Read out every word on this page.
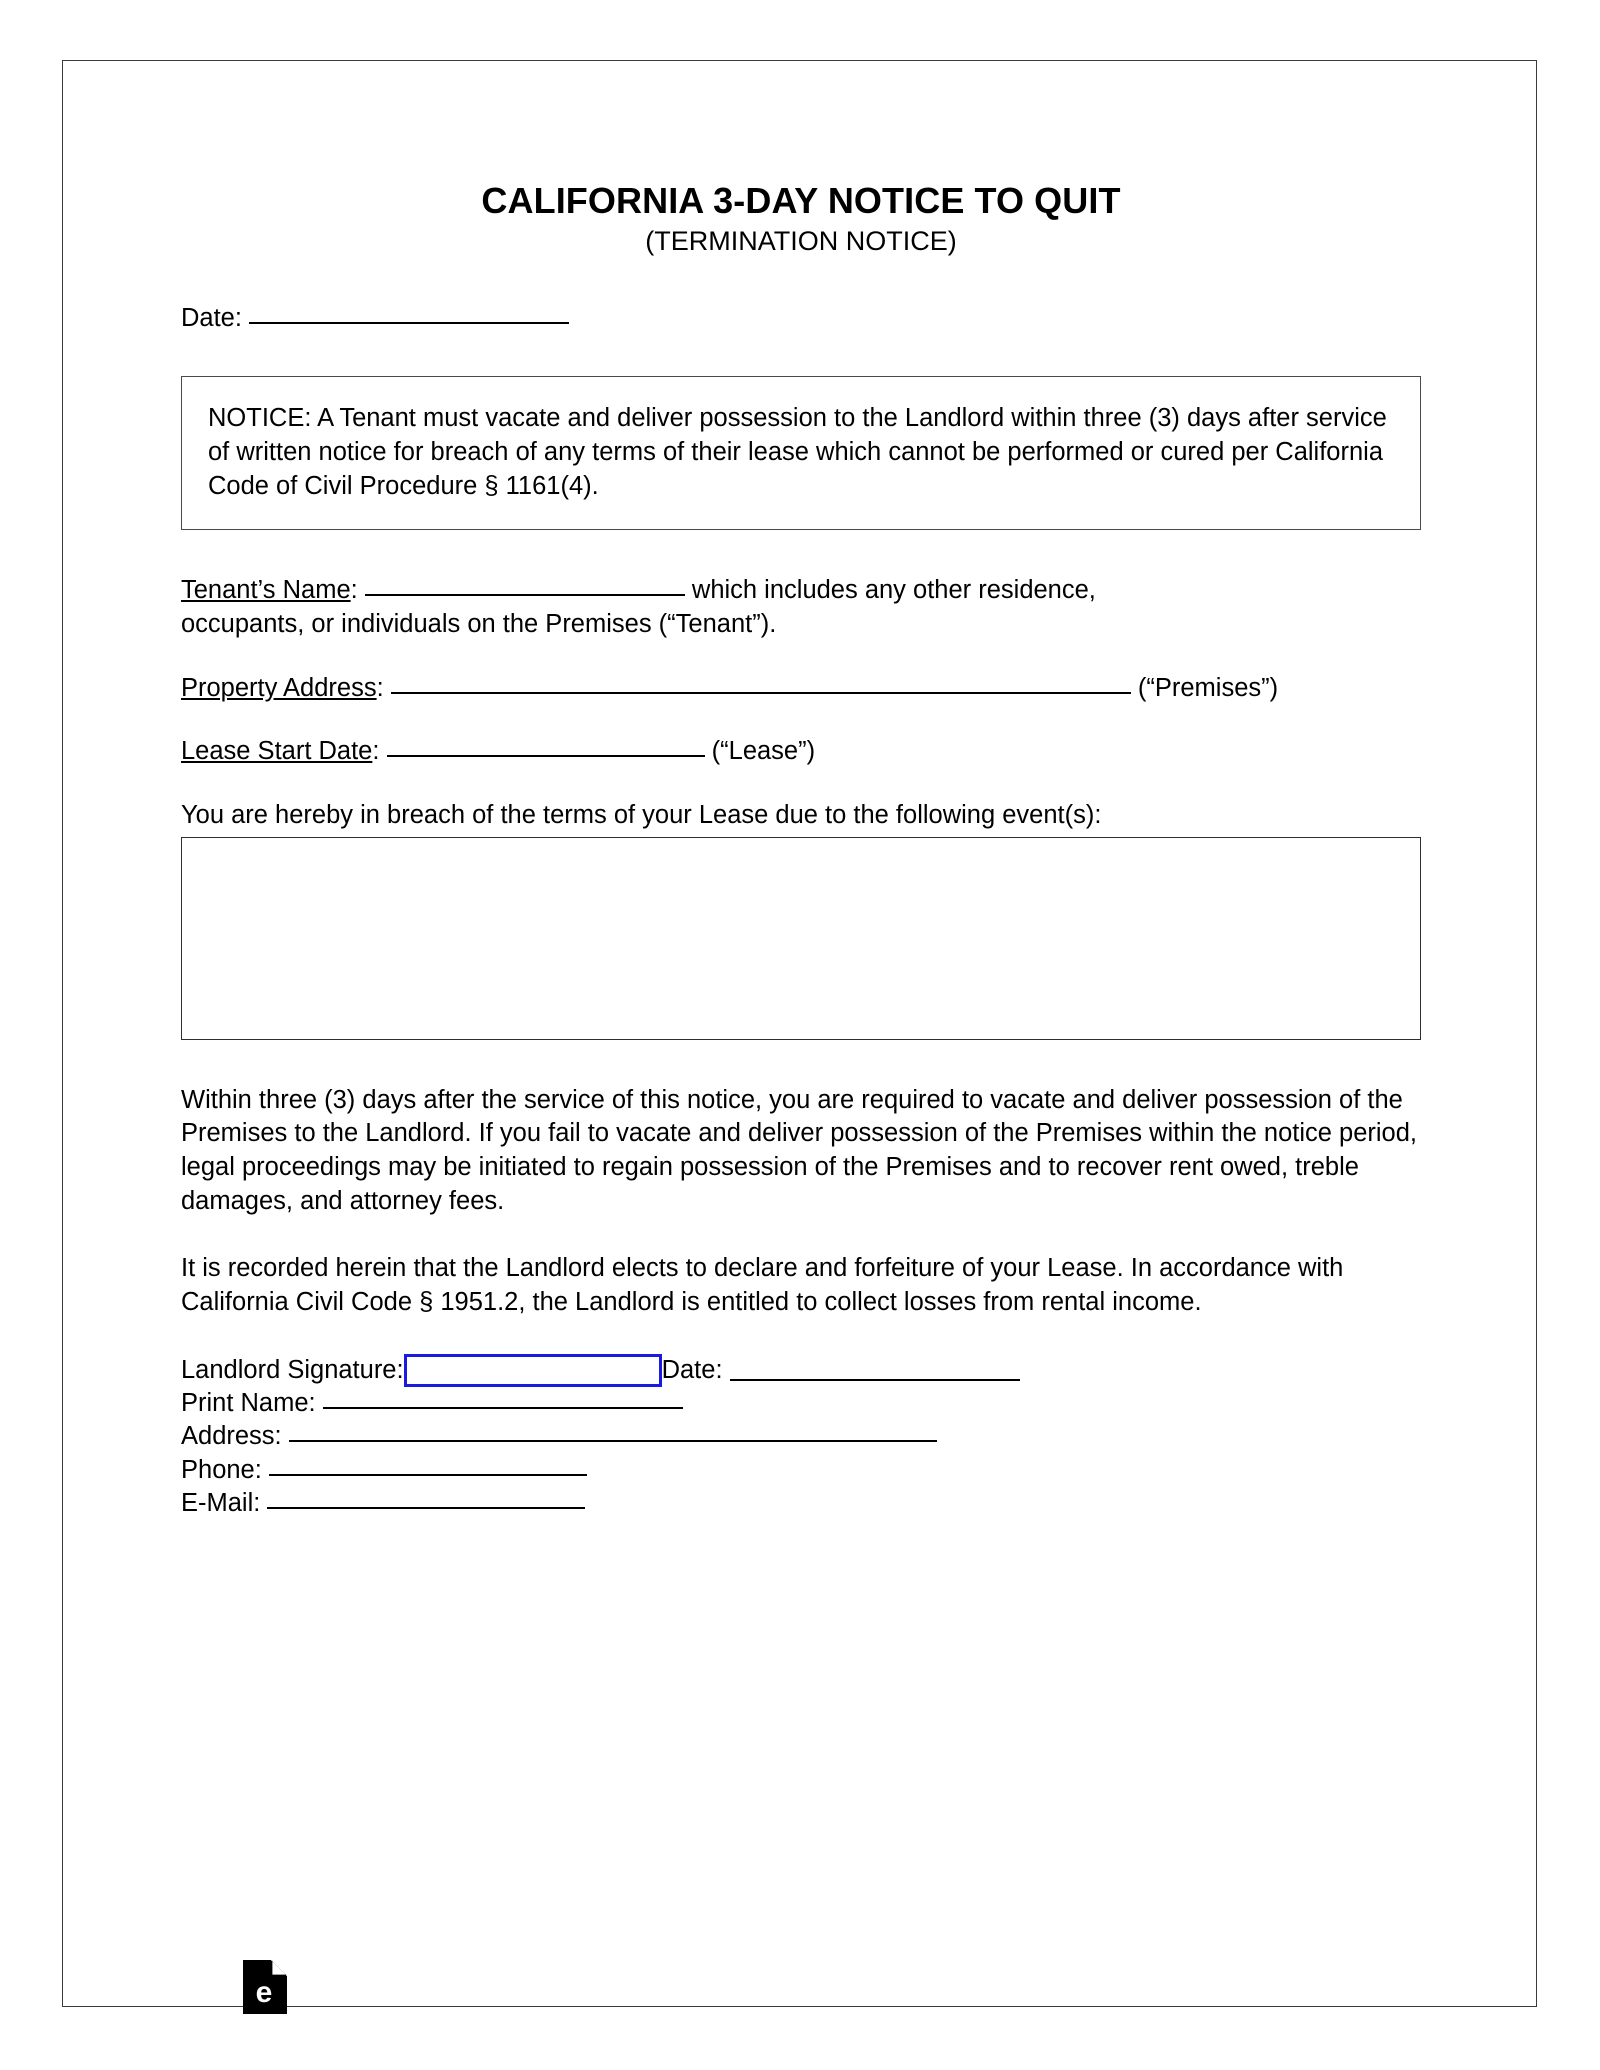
CALIFORNIA 3-DAY NOTICE TO QUIT
(TERMINATION NOTICE)
Date:

NOTICE: A Tenant must vacate and deliver possession to the Landlord within three (3) days after service of written notice for breach of any terms of their lease which cannot be performed or cured per California Code of Civil Procedure § 1161(4).

Tenant’s Name:	which includes any other residence,
occupants, or individuals on the Premises (“Tenant”).
Property Address:	(“Premises”)
Lease Start Date:	(“Lease”)

You are hereby in breach of the terms of your Lease due to the following event(s):

Within three (3) days after the service of this notice, you are required to vacate and deliver possession of the Premises to the Landlord. If you fail to vacate and deliver possession of the Premises within the notice period, legal proceedings may be initiated to regain possession of the Premises and to recover rent owed, treble damages, and attorney fees.

It is recorded herein that the Landlord elects to declare and forfeiture of your Lease. In accordance with California Civil Code § 1951.2, the Landlord is entitled to collect losses from rental income.

Landlord Signature:	Date:

Print Name:
Address:
Phone:
E-Mail:
e
